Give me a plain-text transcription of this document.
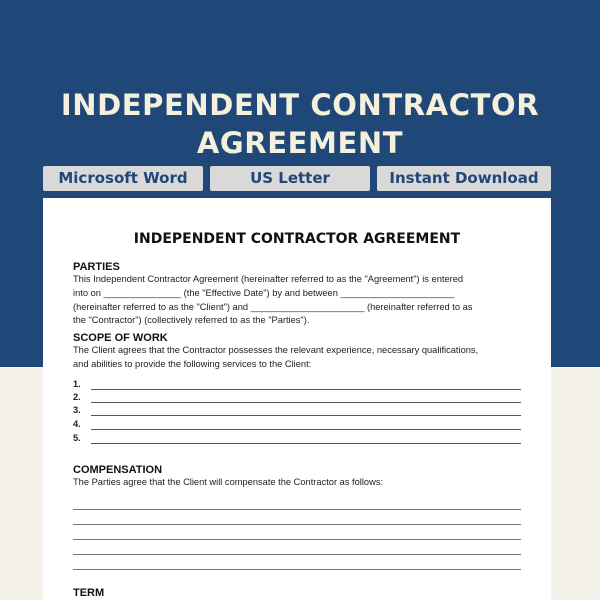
INDEPENDENT CONTRACTOR
AGREEMENT
Microsoft Word	US Letter	Instant Download
INDEPENDENT CONTRACTOR AGREEMENT
PARTIES
This Independent Contractor Agreement (hereinafter referred to as the "Agreement") is entered
into on _______________ (the "Effective Date") by and between ______________________
(hereinafter referred to as the "Client") and ______________________ (hereinafter referred to as
the "Contractor") (collectively referred to as the "Parties").
SCOPE OF WORK
The Client agrees that the Contractor possesses the relevant experience, necessary qualifications,
and abilities to provide the following services to the Client:
1.
2.
3.
4.
5.
COMPENSATION
The Parties agree that the Client will compensate the Contractor as follows:
TERM
